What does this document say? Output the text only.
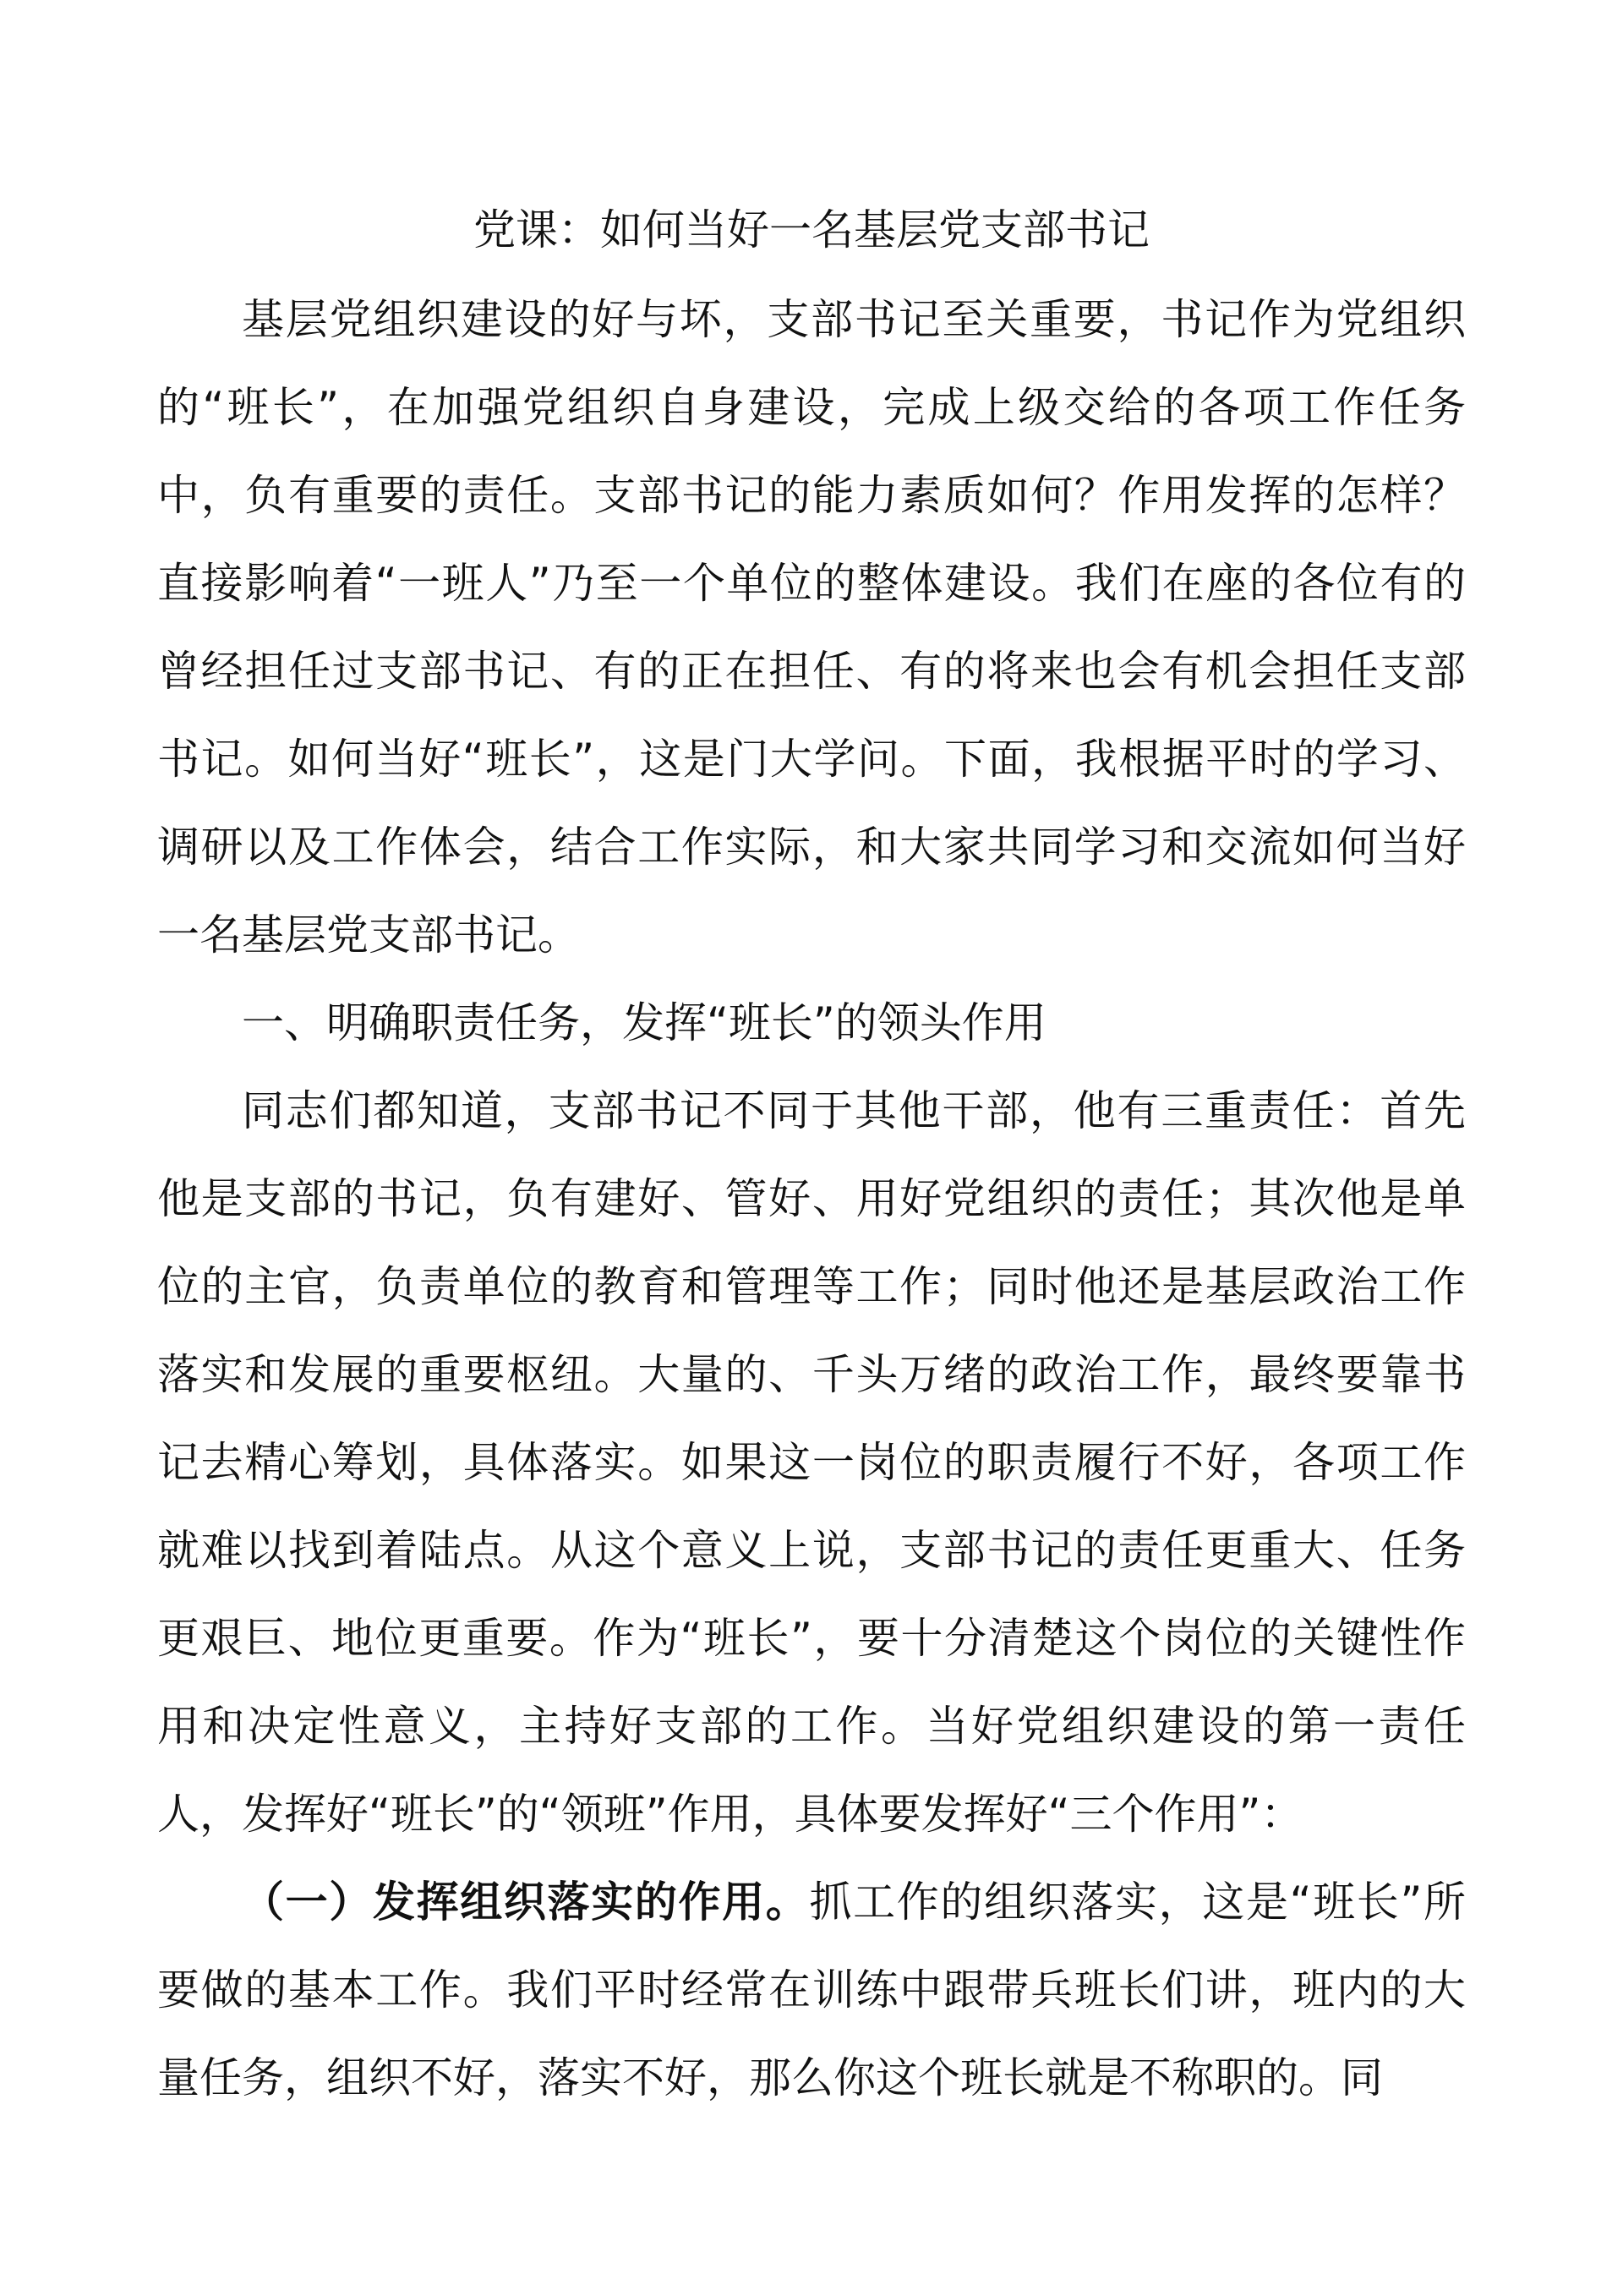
党课：如何当好一名基层党支部书记

基层党组织建设的好与坏，支部书记至关重要，书记作为党组织的“班长”，在加强党组织自身建设，完成上级交给的各项工作任务中，负有重要的责任。支部书记的能力素质如何？作用发挥的怎样？直接影响着“一班人”乃至一个单位的整体建设。我们在座的各位有的曾经担任过支部书记、有的正在担任、有的将来也会有机会担任支部书记。如何当好“班长”，这是门大学问。下面，我根据平时的学习、调研以及工作体会，结合工作实际，和大家共同学习和交流如何当好一名基层党支部书记。

一、明确职责任务，发挥“班长”的领头作用

同志们都知道，支部书记不同于其他干部，他有三重责任：首先他是支部的书记，负有建好、管好、用好党组织的责任；其次他是单位的主官，负责单位的教育和管理等工作；同时他还是基层政治工作落实和发展的重要枢纽。大量的、千头万绪的政治工作，最终要靠书记去精心筹划，具体落实。如果这一岗位的职责履行不好，各项工作就难以找到着陆点。从这个意义上说，支部书记的责任更重大、任务更艰巨、地位更重要。作为“班长”，要十分清楚这个岗位的关键性作用和决定性意义，主持好支部的工作。当好党组织建设的第一责任人，发挥好“班长”的“领班”作用，具体要发挥好“三个作用”：

（一）发挥组织落实的作用。抓工作的组织落实，这是“班长”所要做的基本工作。我们平时经常在训练中跟带兵班长们讲，班内的大量任务，组织不好，落实不好，那么你这个班长就是不称职的。同
